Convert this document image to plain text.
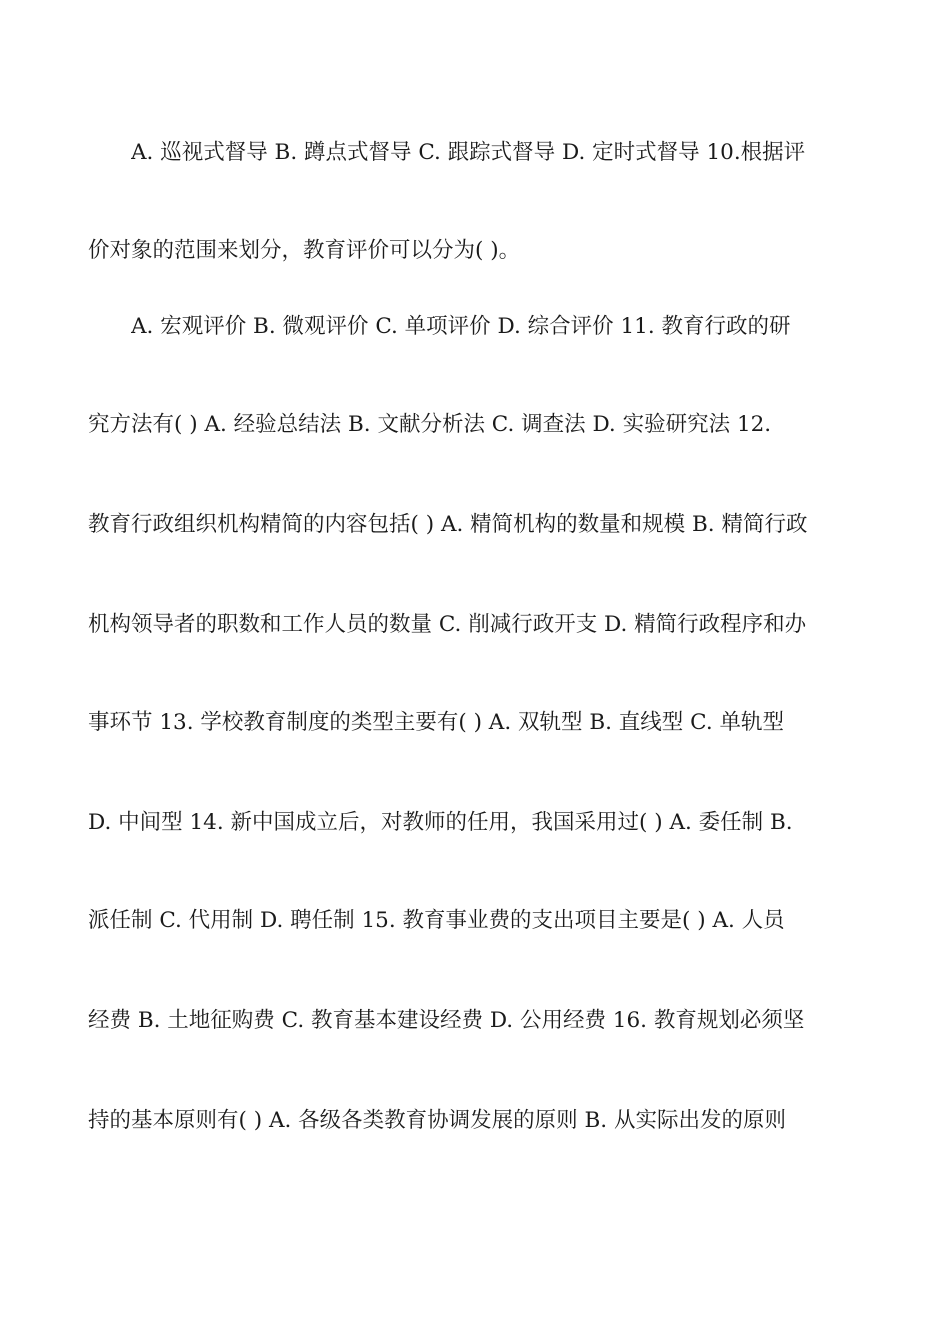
A. 巡视式督导 B. 蹲点式督导 C. 跟踪式督导 D. 定时式督导 10.根据评
价对象的范围来划分，教育评价可以分为( )。
A. 宏观评价 B. 微观评价 C. 单项评价 D. 综合评价 11. 教育行政的研
究方法有( ) A. 经验总结法 B. 文献分析法 C. 调查法 D. 实验研究法 12.
教育行政组织机构精简的内容包括( ) A. 精简机构的数量和规模 B. 精简行政
机构领导者的职数和工作人员的数量 C. 削减行政开支 D. 精简行政程序和办
事环节 13. 学校教育制度的类型主要有( ) A. 双轨型 B. 直线型 C. 单轨型
D. 中间型 14. 新中国成立后，对教师的任用，我国采用过( ) A. 委任制 B.
派任制 C. 代用制 D. 聘任制 15. 教育事业费的支出项目主要是( ) A. 人员
经费 B. 土地征购费 C. 教育基本建设经费 D. 公用经费 16. 教育规划必须坚
持的基本原则有( ) A. 各级各类教育协调发展的原则 B. 从实际出发的原则
